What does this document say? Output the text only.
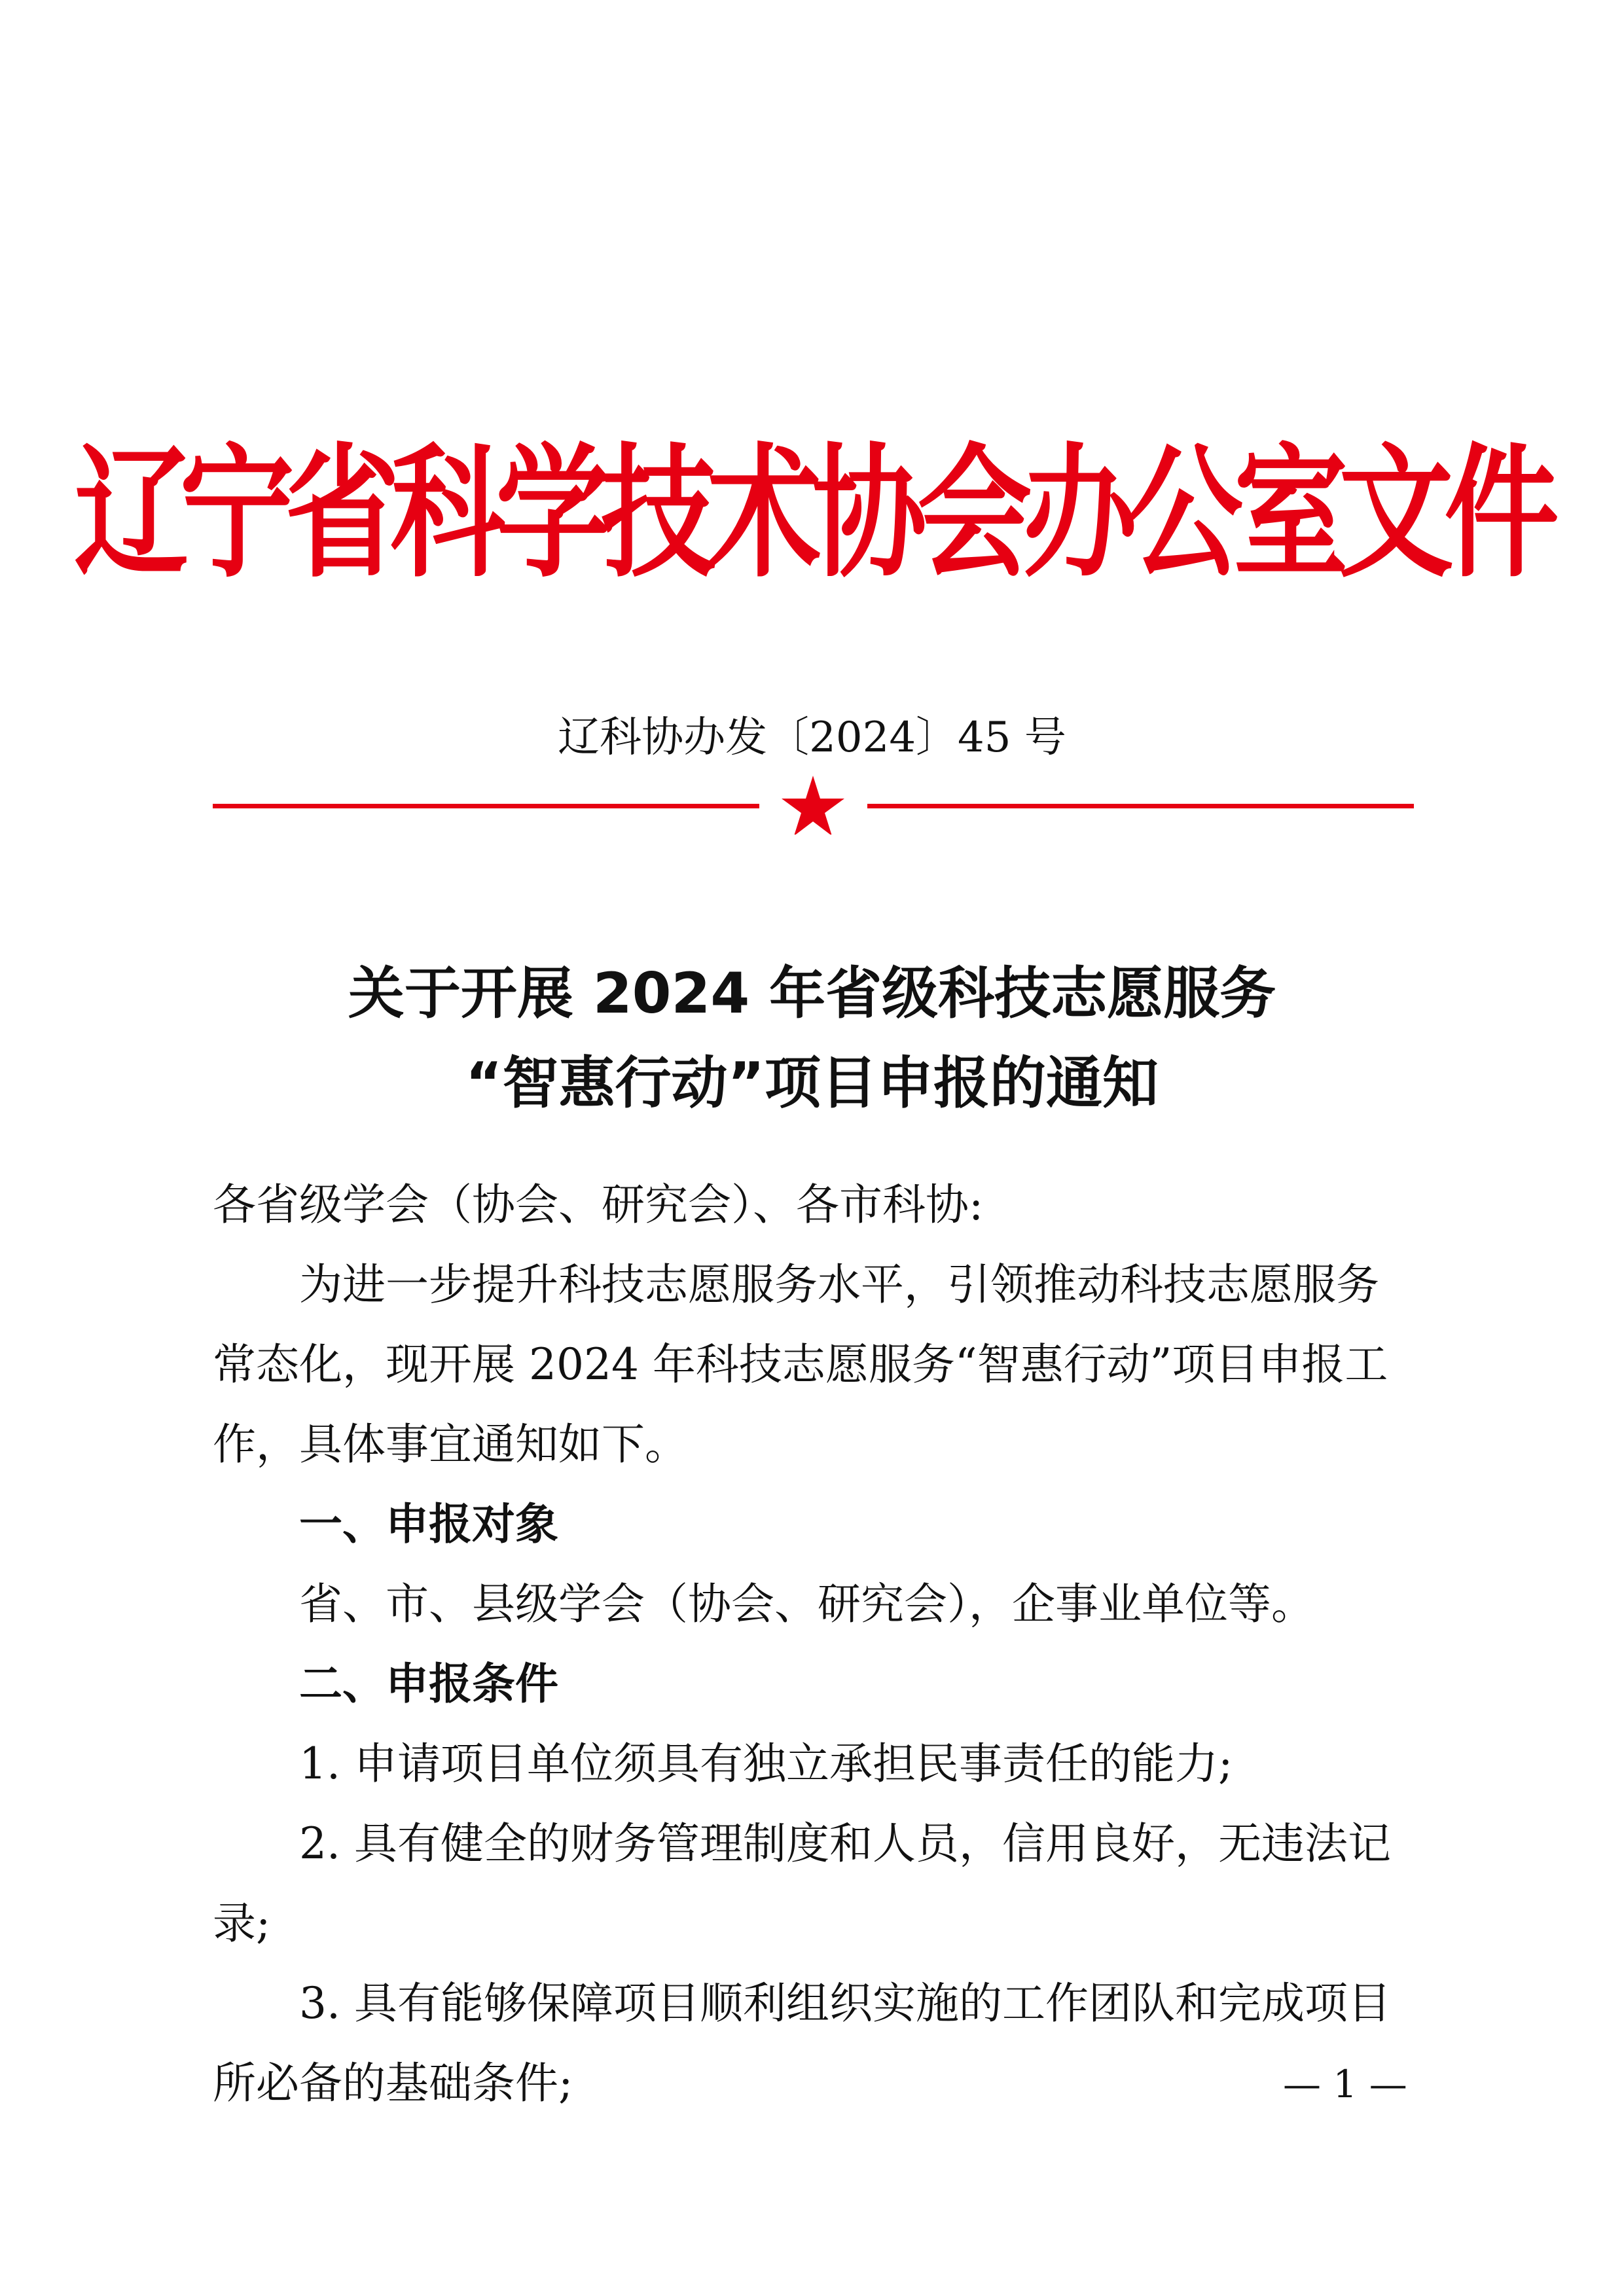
辽宁省科学技术协会办公室文件
辽科协办发〔2024〕45 号
关于开展 2024 年省级科技志愿服务
“智惠行动”项目申报的通知

各省级学会（协会、研究会）、各市科协:

为进一步提升科技志愿服务水平，引领推动科技志愿服务常态化，现开展 2024 年科技志愿服务“智惠行动”项目申报工作，具体事宜通知如下。

一、申报对象

省、市、县级学会（协会、研究会），企事业单位等。

二、申报条件

1. 申请项目单位须具有独立承担民事责任的能力;

2. 具有健全的财务管理制度和人员，信用良好，无违法记录;

3. 具有能够保障项目顺利组织实施的工作团队和完成项目所必备的基础条件;	— 1 —
